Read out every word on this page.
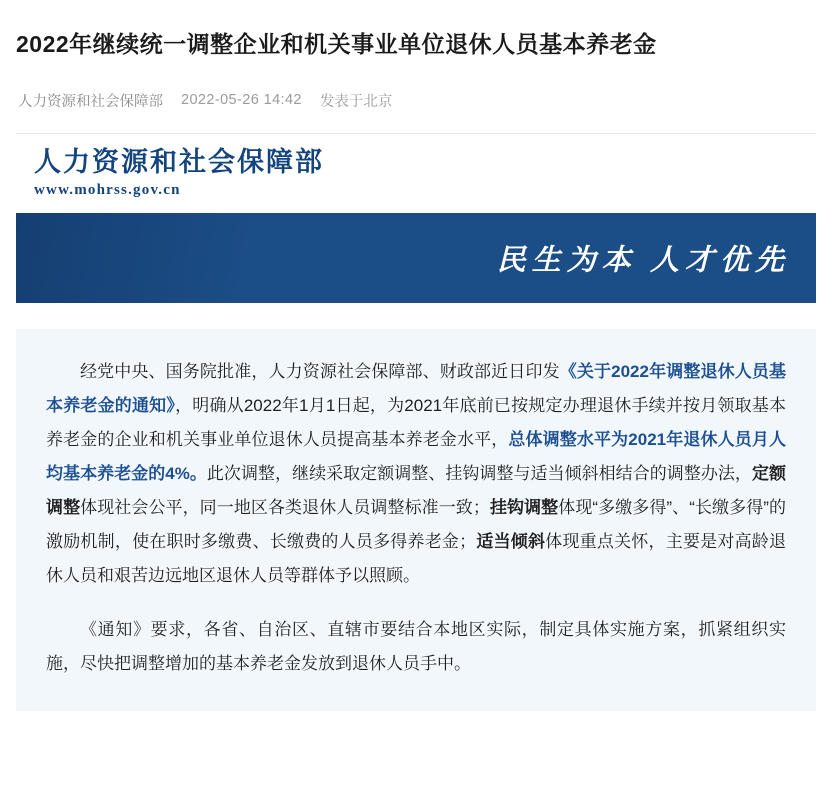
2022年继续统一调整企业和机关事业单位退休人员基本养老金
人力资源和社会保障部 2022-05-26 14:42 发表于北京
人力资源和社会保障部
www.mohrss.gov.cn
民生为本 人才优先

经党中央、国务院批准，人力资源社会保障部、财政部近日印发《关于2022年调整退休人员基本养老金的通知》，明确从2022年1月1日起，为2021年底前已按规定办理退休手续并按月领取基本养老金的企业和机关事业单位退休人员提高基本养老金水平，总体调整水平为2021年退休人员月人均基本养老金的4%。此次调整，继续采取定额调整、挂钩调整与适当倾斜相结合的调整办法，定额调整体现社会公平，同一地区各类退休人员调整标准一致；挂钩调整体现“多缴多得”、“长缴多得”的激励机制，使在职时多缴费、长缴费的人员多得养老金；适当倾斜体现重点关怀，主要是对高龄退休人员和艰苦边远地区退休人员等群体予以照顾。

《通知》要求，各省、自治区、直辖市要结合本地区实际，制定具体实施方案，抓紧组织实施，尽快把调整增加的基本养老金发放到退休人员手中。
